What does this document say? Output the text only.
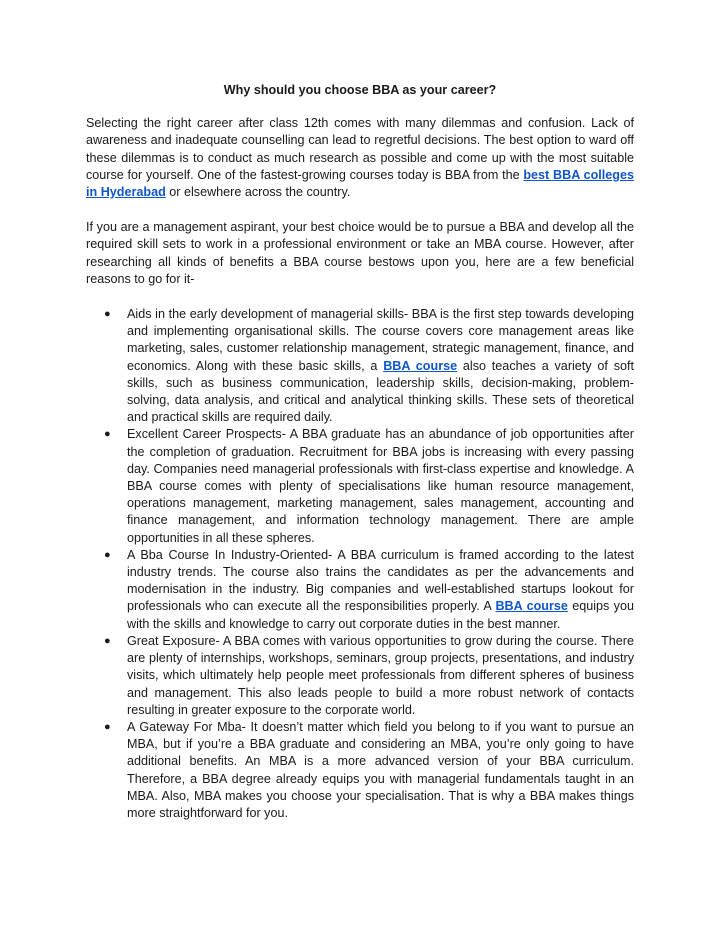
Why should you choose BBA as your career?

Selecting the right career after class 12th comes with many dilemmas and confusion. Lack of awareness and inadequate counselling can lead to regretful decisions. The best option to ward off these dilemmas is to conduct as much research as possible and come up with the most suitable course for yourself. One of the fastest-growing courses today is BBA from the best BBA colleges in Hyderabad or elsewhere across the country.

If you are a management aspirant, your best choice would be to pursue a BBA and develop all the required skill sets to work in a professional environment or take an MBA course. However, after researching all kinds of benefits a BBA course bestows upon you, here are a few beneficial reasons to go for it-

● Aids in the early development of managerial skills- BBA is the first step towards developing and implementing organisational skills. The course covers core management areas like marketing, sales, customer relationship management, strategic management, finance, and economics. Along with these basic skills, a BBA course also teaches a variety of soft skills, such as business communication, leadership skills, decision-making, problem-solving, data analysis, and critical and analytical thinking skills. These sets of theoretical and practical skills are required daily.
● Excellent Career Prospects- A BBA graduate has an abundance of job opportunities after the completion of graduation. Recruitment for BBA jobs is increasing with every passing day. Companies need managerial professionals with first-class expertise and knowledge. A BBA course comes with plenty of specialisations like human resource management, operations management, marketing management, sales management, accounting and finance management, and information technology management. There are ample opportunities in all these spheres.
● A Bba Course In Industry-Oriented- A BBA curriculum is framed according to the latest industry trends. The course also trains the candidates as per the advancements and modernisation in the industry. Big companies and well-established startups lookout for professionals who can execute all the responsibilities properly. A BBA course equips you with the skills and knowledge to carry out corporate duties in the best manner.
● Great Exposure- A BBA comes with various opportunities to grow during the course. There are plenty of internships, workshops, seminars, group projects, presentations, and industry visits, which ultimately help people meet professionals from different spheres of business and management. This also leads people to build a more robust network of contacts resulting in greater exposure to the corporate world.
● A Gateway For Mba- It doesn’t matter which field you belong to if you want to pursue an MBA, but if you’re a BBA graduate and considering an MBA, you’re only going to have additional benefits. An MBA is a more advanced version of your BBA curriculum. Therefore, a BBA degree already equips you with managerial fundamentals taught in an MBA. Also, MBA makes you choose your specialisation. That is why a BBA makes things more straightforward for you.
